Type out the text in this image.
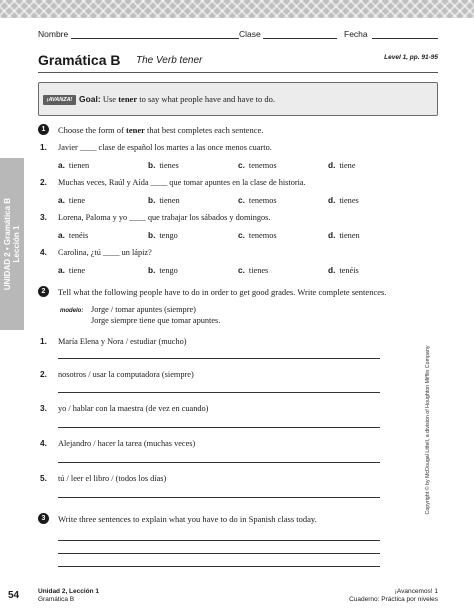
Nombre	Clase	Fecha
Gramática B The Verb tener	Level 1, pp. 91-95
¡AVANZA! Goal: Use tener to say what people have and have to do.
UNIDAD 2 • Gramática B Lección 1
1	Choose the form of tener that best completes each sentence.
1. Javier ____ clase de español los martes a las once menos cuarto.
a. tienen	b. tienes	c. tenemos	d. tiene
2. Muchas veces, Raúl y Aída ____ que tomar apuntes en la clase de historia.
a. tiene	b. tienen	c. tenemos	d. tienes
3. Lorena, Paloma y yo ____ que trabajar los sábados y domingos.
a. tenéis	b. tengo	c. tenemos	d. tienen
4. Carolina, ¿tú ____ un lápiz?
a. tiene	b. tengo	c. tienes	d. tenéis
2	Tell what the following people have to do in order to get good grades. Write complete sentences.
modelo: Jorge / tomar apuntes (siempre)
Jorge siempre tiene que tomar apuntes.
1. María Elena y Nora / estudiar (mucho)
2. nosotros / usar la computadora (siempre)
3. yo / hablar con la maestra (de vez en cuando)
4. Alejandro / hacer la tarea (muchas veces)
5. tú / leer el libro / (todos los días)
3	Write three sentences to explain what you have to do in Spanish class today.
Copyright © by McDougal Littell, a division of Houghton Mifflin Company
54	Unidad 2, Lección 1
Gramática B
¡Avancemos! 1
Cuaderno: Práctica por niveles
